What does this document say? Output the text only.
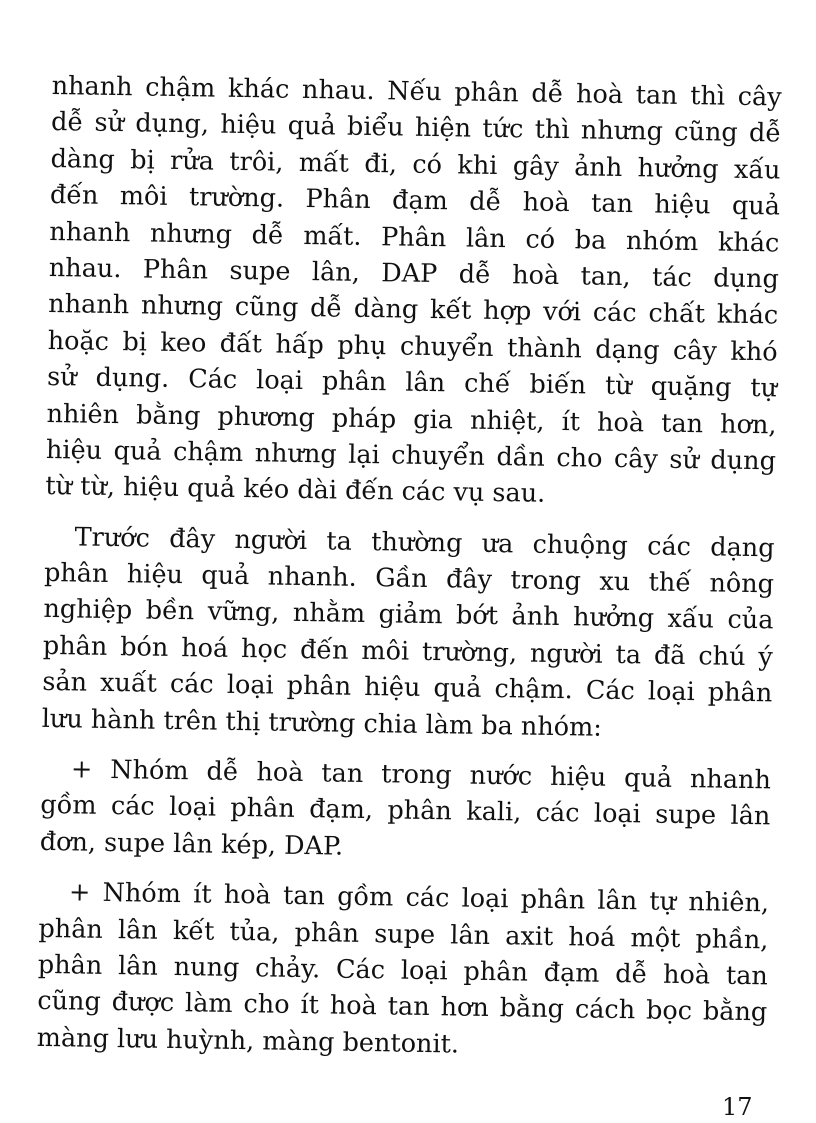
nhanh chậm khác nhau. Nếu phân dễ hoà tan thì cây
dễ sử dụng, hiệu quả biểu hiện tức thì nhưng cũng dễ
dàng bị rửa trôi, mất đi, có khi gây ảnh hưởng xấu
đến môi trường. Phân đạm dễ hoà tan hiệu quả
nhanh nhưng dễ mất. Phân lân có ba nhóm khác
nhau. Phân supe lân, DAP dễ hoà tan, tác dụng
nhanh nhưng cũng dễ dàng kết hợp với các chất khác
hoặc bị keo đất hấp phụ chuyển thành dạng cây khó
sử dụng. Các loại phân lân chế biến từ quặng tự
nhiên bằng phương pháp gia nhiệt, ít hoà tan hơn,
hiệu quả chậm nhưng lại chuyển dần cho cây sử dụng
từ từ, hiệu quả kéo dài đến các vụ sau.
Trước đây người ta thường ưa chuộng các dạng
phân hiệu quả nhanh. Gần đây trong xu thế nông
nghiệp bền vững, nhằm giảm bớt ảnh hưởng xấu của
phân bón hoá học đến môi trường, người ta đã chú ý
sản xuất các loại phân hiệu quả chậm. Các loại phân
lưu hành trên thị trường chia làm ba nhóm:
+ Nhóm dễ hoà tan trong nước hiệu quả nhanh
gồm các loại phân đạm, phân kali, các loại supe lân
đơn, supe lân kép, DAP.
+ Nhóm ít hoà tan gồm các loại phân lân tự nhiên,
phân lân kết tủa, phân supe lân axit hoá một phần,
phân lân nung chảy. Các loại phân đạm dễ hoà tan
cũng được làm cho ít hoà tan hơn bằng cách bọc bằng
màng lưu huỳnh, màng bentonit.
17
